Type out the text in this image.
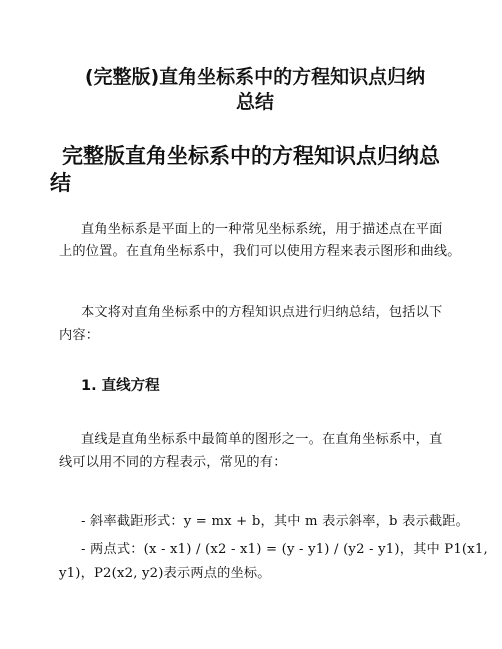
(完整版)直角坐标系中的方程知识点归纳

总结

完整版直角坐标系中的方程知识点归纳总

结

直角坐标系是平面上的一种常见坐标系统，用于描述点在平面

上的位置。在直角坐标系中，我们可以使用方程来表示图形和曲线。

本文将对直角坐标系中的方程知识点进行归纳总结，包括以下

内容：

1. 直线方程

直线是直角坐标系中最简单的图形之一。在直角坐标系中，直

线可以用不同的方程表示，常见的有：

- 斜率截距形式：y = mx + b，其中 m 表示斜率，b 表示截距。

- 两点式：(x - x1) / (x2 - x1) = (y - y1) / (y2 - y1)，其中 P1(x1,

y1)，P2(x2, y2)表示两点的坐标。
